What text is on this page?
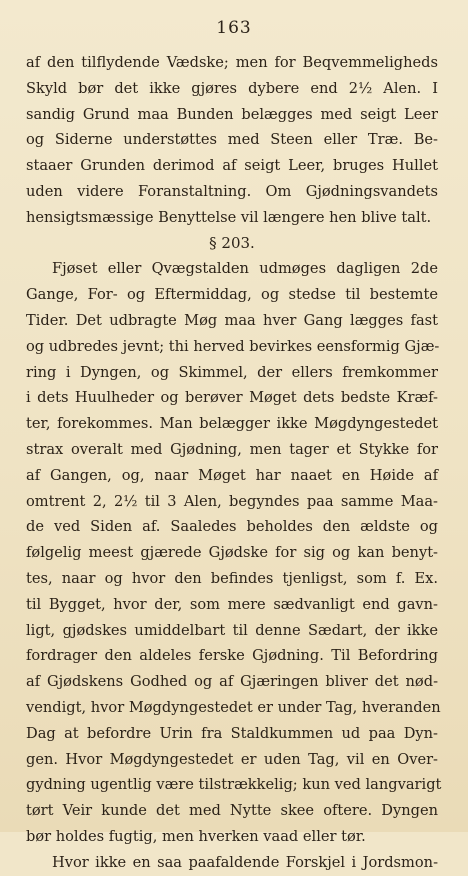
163
af den tilflydende Vædske; men for Beqvemmeligheds
Skyld bør det ikke gjøres dybere end 2½ Alen. I
sandig Grund maa Bunden belægges med seigt Leer
og Siderne understøttes med Steen eller Træ. Be-
staaer Grunden derimod af seigt Leer, bruges Hullet
uden videre Foranstaltning. Om Gjødningsvandets
hensigtsmæssige Benyttelse vil længere hen blive talt.
§ 203.
Fjøset eller Qvægstalden udmøges dagligen 2de
Gange, For- og Eftermiddag, og stedse til bestemte
Tider. Det udbragte Møg maa hver Gang lægges fast
og udbredes jevnt; thi herved bevirkes eensformig Gjæ-
ring i Dyngen, og Skimmel, der ellers fremkommer
i dets Huulheder og berøver Møget dets bedste Kræf-
ter, forekommes. Man belægger ikke Møgdyngestedet
strax overalt med Gjødning, men tager et Stykke for
af Gangen, og, naar Møget har naaet en Høide af
omtrent 2, 2½ til 3 Alen, begyndes paa samme Maa-
de ved Siden af. Saaledes beholdes den ældste og
følgelig meest gjærede Gjødske for sig og kan benyt-
tes, naar og hvor den befindes tjenligst, som f. Ex.
til Bygget, hvor der, som mere sædvanligt end gavn-
ligt, gjødskes umiddelbart til denne Sædart, der ikke
fordrager den aldeles ferske Gjødning. Til Befordring
af Gjødskens Godhed og af Gjæringen bliver det nød-
vendigt, hvor Møgdyngestedet er under Tag, hveranden
Dag at befordre Urin fra Staldkummen ud paa Dyn-
gen. Hvor Møgdyngestedet er uden Tag, vil en Over-
gydning ugentlig være tilstrækkelig; kun ved langvarigt
tørt Veir kunde det med Nytte skee oftere. Dyngen
bør holdes fugtig, men hverken vaad eller tør.
Hvor ikke en saa paafaldende Forskjel i Jordsmon-
